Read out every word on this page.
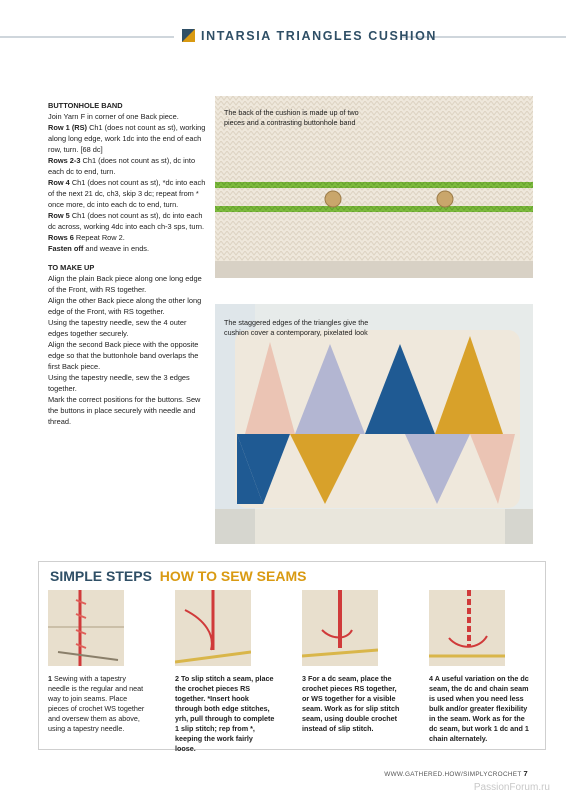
INTARSIA TRIANGLES CUSHION

BUTTONHOLE BAND

Join Yarn F in corner of one Back piece.

Row 1 (RS) Ch1 (does not count as st), working along long edge, work 1dc into the end of each row, turn. [68 dc]

Rows 2-3 Ch1 (does not count as st), dc into each dc to end, turn.

Row 4 Ch1 (does not count as st), *dc into each of the next 21 dc, ch3, skip 3 dc; repeat from * once more, dc into each dc to end, turn.

Row 5 Ch1 (does not count as st), dc into each dc across, working 4dc into each ch-3 sps, turn.

Rows 6 Repeat Row 2.

Fasten off and weave in ends.

TO MAKE UP

Align the plain Back piece along one long edge of the Front, with RS together.

Align the other Back piece along the other long edge of the Front, with RS together.

Using the tapestry needle, sew the 4 outer edges together securely.

Align the second Back piece with the opposite edge so that the buttonhole band overlaps the first Back piece.

Using the tapestry needle, sew the 3 edges together.

Mark the correct positions for the buttons. Sew the buttons in place securely with needle and thread.

The back of the cushion is made up of two pieces and a contrasting buttonhole band
The staggered edges of the triangles give the cushion cover a contemporary, pixelated look
SIMPLE STEPS HOW TO SEW SEAMS
1 Sewing with a tapestry needle is the regular and neat way to join seams. Place pieces of crochet WS together and oversew them as above, using a tapestry needle.
2 To slip stitch a seam, place the crochet pieces RS together. *Insert hook through both edge stitches, yrh, pull through to complete 1 slip stitch; rep from *, keeping the work fairly loose.
3 For a dc seam, place the crochet pieces RS together, or WS together for a visible seam. Work as for slip stitch seam, using double crochet instead of slip stitch.
4 A useful variation on the dc seam, the dc and chain seam is used when you need less bulk and/or greater flexibility in the seam. Work as for the dc seam, but work 1 dc and 1 chain alternately.
WWW.GATHERED.HOW/SIMPLYCROCHET 7
PassionForum.ru
